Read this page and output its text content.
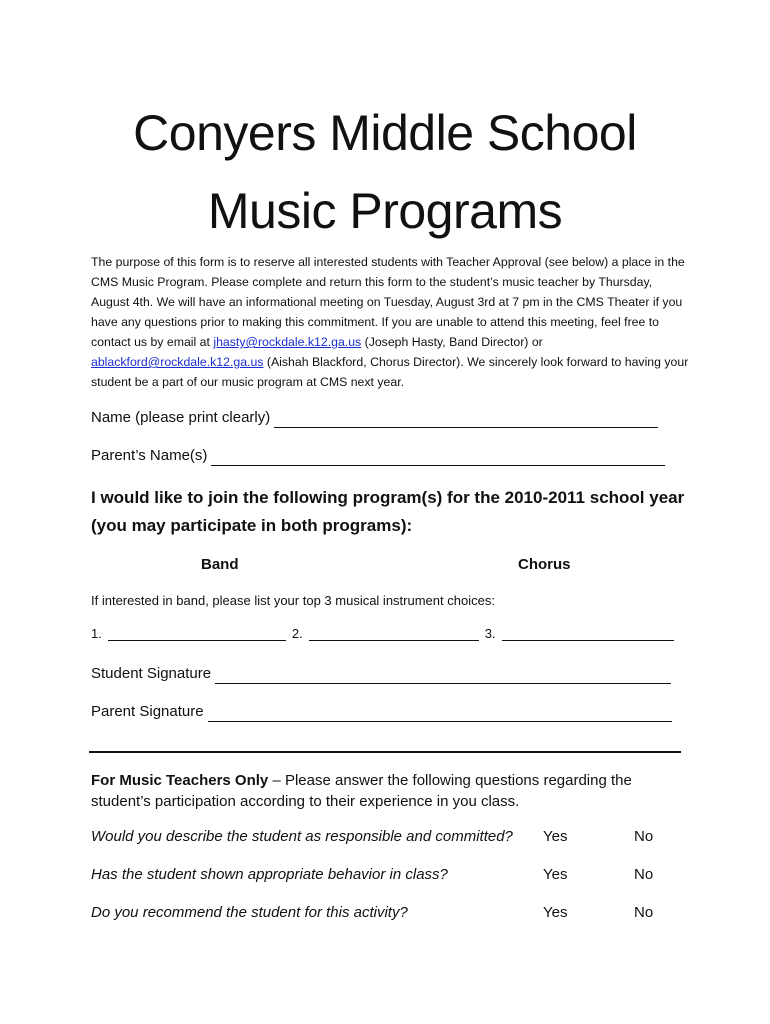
Conyers Middle School
Music Programs
The purpose of this form is to reserve all interested students with Teacher Approval (see below) a place in the CMS Music Program. Please complete and return this form to the student’s music teacher by Thursday, August 4th. We will have an informational meeting on Tuesday, August 3rd at 7 pm in the CMS Theater if you have any questions prior to making this commitment. If you are unable to attend this meeting, feel free to contact us by email at jhasty@rockdale.k12.ga.us (Joseph Hasty, Band Director) or ablackford@rockdale.k12.ga.us (Aishah Blackford, Chorus Director). We sincerely look forward to having your student be a part of our music program at CMS next year.
Name (please print clearly)
Parent’s Name(s)
I would like to join the following program(s) for the 2010-2011 school year (you may participate in both programs):
Band	Chorus
If interested in band, please list your top 3 musical instrument choices:
1.	2.	3.
Student Signature
Parent Signature
For Music Teachers Only – Please answer the following questions regarding the student’s participation according to their experience in you class.
Would you describe the student as responsible and committed? Yes	No
Has the student shown appropriate behavior in class?	Yes	No
Do you recommend the student for this activity?	Yes	No
